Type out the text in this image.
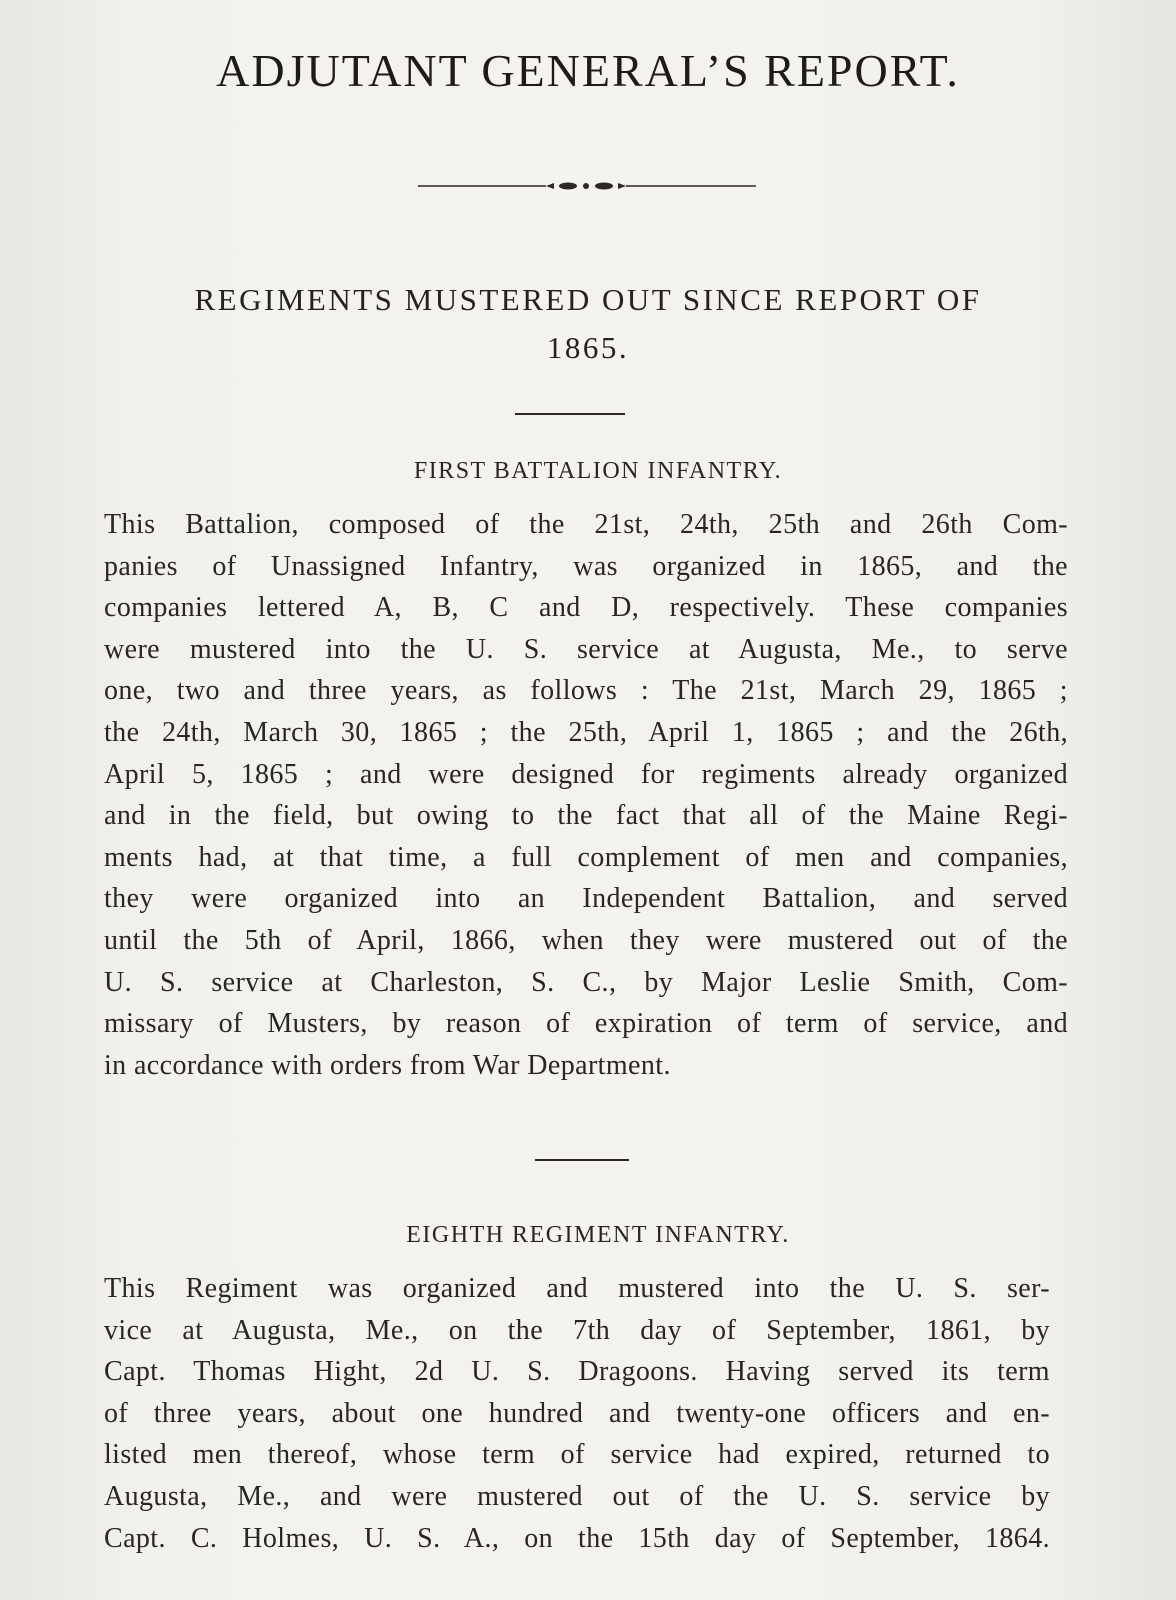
ADJUTANT GENERAL’S REPORT.
REGIMENTS MUSTERED OUT SINCE REPORT OF
1865.
FIRST BATTALION INFANTRY.
This Battalion, composed of the 21st, 24th, 25th and 26th Com-
panies of Unassigned Infantry, was organized in 1865, and the
companies lettered A, B, C and D, respectively. These companies
were mustered into the U. S. service at Augusta, Me., to serve
one, two and three years, as follows : The 21st, March 29, 1865 ;
the 24th, March 30, 1865 ; the 25th, April 1, 1865 ; and the 26th,
April 5, 1865 ; and were designed for regiments already organized
and in the field, but owing to the fact that all of the Maine Regi-
ments had, at that time, a full complement of men and companies,
they were organized into an Independent Battalion, and served
until the 5th of April, 1866, when they were mustered out of the
U. S. service at Charleston, S. C., by Major Leslie Smith, Com-
missary of Musters, by reason of expiration of term of service, and
in accordance with orders from War Department.
EIGHTH REGIMENT INFANTRY.
This Regiment was organized and mustered into the U. S. ser-
vice at Augusta, Me., on the 7th day of September, 1861, by
Capt. Thomas Hight, 2d U. S. Dragoons. Having served its term
of three years, about one hundred and twenty-one officers and en-
listed men thereof, whose term of service had expired, returned to
Augusta, Me., and were mustered out of the U. S. service by
Capt. C. Holmes, U. S. A., on the 15th day of September, 1864.
